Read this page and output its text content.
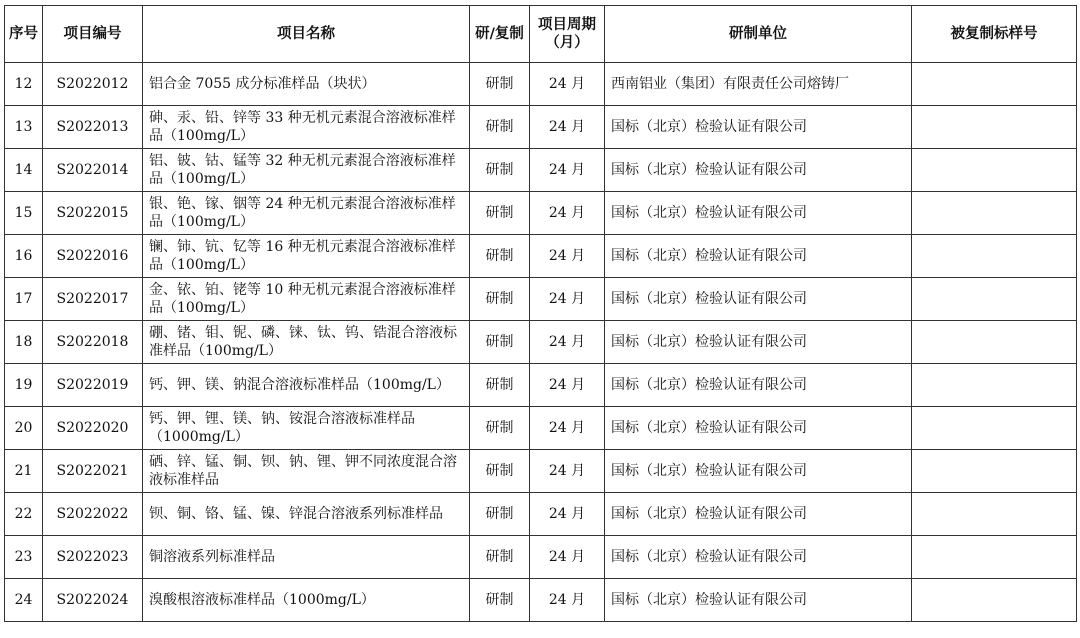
序号	项目编号	项目名称	研/复制	项目周期（月）	研制单位	被复制标样号
12	S2022012	铝合金 7055 成分标准样品（块状）	研制	24 月	西南铝业（集团）有限责任公司熔铸厂	
13	S2022013	砷、汞、铅、锌等 33 种无机元素混合溶液标准样品（100mg/L）	研制	24 月	国标（北京）检验认证有限公司	
14	S2022014	铝、铍、钴、锰等 32 种无机元素混合溶液标准样品（100mg/L）	研制	24 月	国标（北京）检验认证有限公司	
15	S2022015	银、铯、镓、铟等 24 种无机元素混合溶液标准样品（100mg/L）	研制	24 月	国标（北京）检验认证有限公司	
16	S2022016	镧、铈、钪、钇等 16 种无机元素混合溶液标准样品（100mg/L）	研制	24 月	国标（北京）检验认证有限公司	
17	S2022017	金、铱、铂、铑等 10 种无机元素混合溶液标准样品（100mg/L）	研制	24 月	国标（北京）检验认证有限公司	
18	S2022018	硼、锗、钼、铌、磷、铼、钛、钨、锆混合溶液标准样品（100mg/L）	研制	24 月	国标（北京）检验认证有限公司	
19	S2022019	钙、钾、镁、钠混合溶液标准样品（100mg/L）	研制	24 月	国标（北京）检验认证有限公司	
20	S2022020	钙、钾、锂、镁、钠、铵混合溶液标准样品（1000mg/L）	研制	24 月	国标（北京）检验认证有限公司	
21	S2022021	硒、锌、锰、铜、钡、钠、锂、钾不同浓度混合溶液标准样品	研制	24 月	国标（北京）检验认证有限公司	
22	S2022022	钡、铜、铬、锰、镍、锌混合溶液系列标准样品	研制	24 月	国标（北京）检验认证有限公司	
23	S2022023	铜溶液系列标准样品	研制	24 月	国标（北京）检验认证有限公司	
24	S2022024	溴酸根溶液标准样品（1000mg/L）	研制	24 月	国标（北京）检验认证有限公司	
